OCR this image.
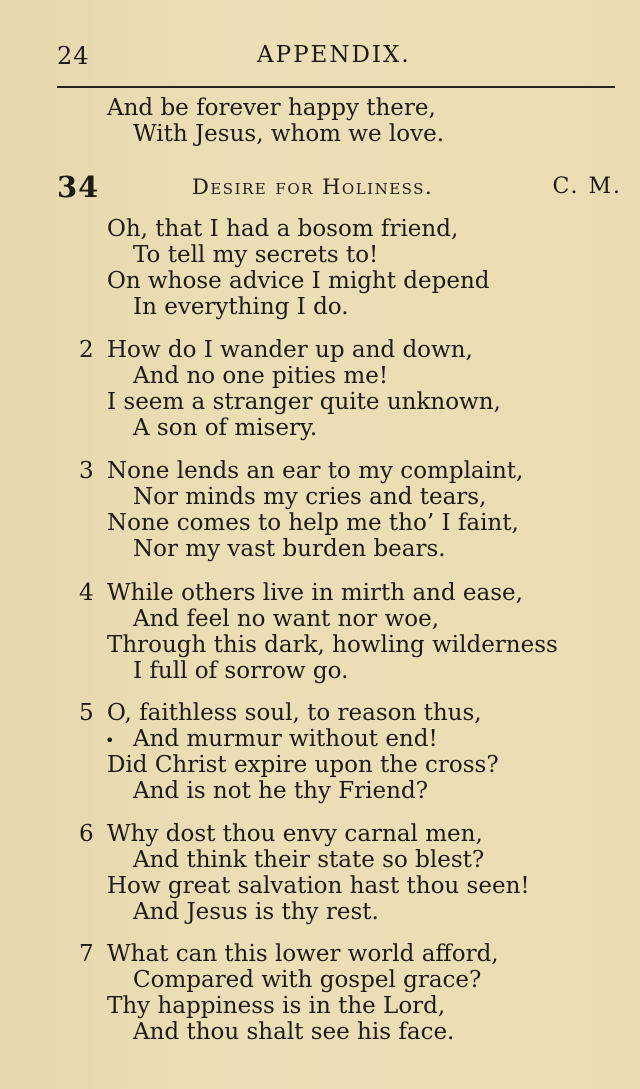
24	APPENDIX.
And be forever happy there,
With Jesus, whom we love.
34	Desire for Holiness.	C. M.
Oh, that I had a bosom friend,
To tell my secrets to!
On whose advice I might depend
In everything I do.
2 How do I wander up and down,
And no one pities me!
I seem a stranger quite unknown,
A son of misery.
3 None lends an ear to my complaint,
Nor minds my cries and tears,
None comes to help me tho’ I faint,
Nor my vast burden bears.
4 While others live in mirth and ease,
And feel no want nor woe,
Through this dark, howling wilderness
I full of sorrow go.
5 O, faithless soul, to reason thus,
• And murmur without end!
Did Christ expire upon the cross?
And is not he thy Friend?
6 Why dost thou envy carnal men,
And think their state so blest?
How great salvation hast thou seen!
And Jesus is thy rest.
7 What can this lower world afford,
Compared with gospel grace?
Thy happiness is in the Lord,
And thou shalt see his face.
